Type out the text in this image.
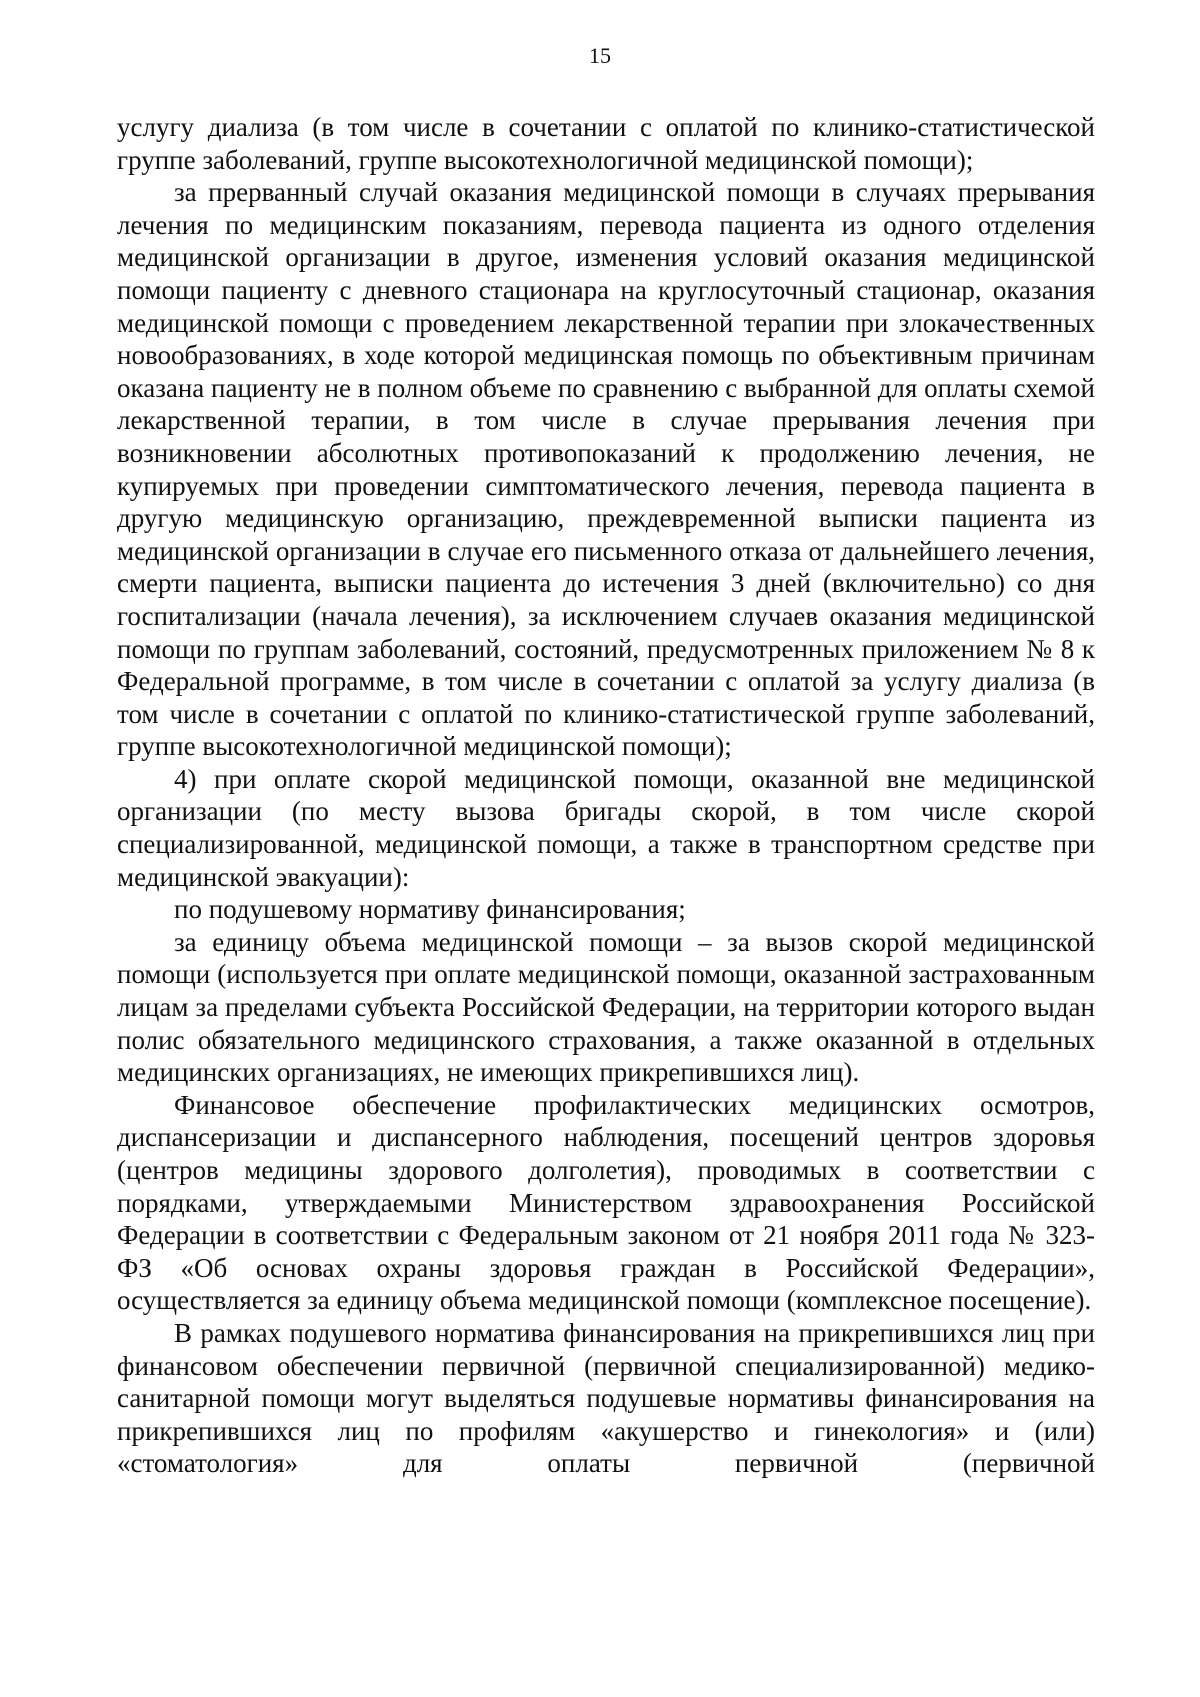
15

услугу диализа (в том числе в сочетании с оплатой по клинико-статистической группе заболеваний, группе высокотехнологичной медицинской помощи);

за прерванный случай оказания медицинской помощи в случаях прерывания лечения по медицинским показаниям, перевода пациента из одного отделения медицинской организации в другое, изменения условий оказания медицинской помощи пациенту с дневного стационара на круглосуточный стационар, оказания медицинской помощи с проведением лекарственной терапии при злокачественных новообразованиях, в ходе которой медицинская помощь по объективным причинам оказана пациенту не в полном объеме по сравнению с выбранной для оплаты схемой лекарственной терапии, в том числе в случае прерывания лечения при возникновении абсолютных противопоказаний к продолжению лечения, не купируемых при проведении симптоматического лечения, перевода пациента в другую медицинскую организацию, преждевременной выписки пациента из медицинской организации в случае его письменного отказа от дальнейшего лечения, смерти пациента, выписки пациента до истечения 3 дней (включительно) со дня госпитализации (начала лечения), за исключением случаев оказания медицинской помощи по группам заболеваний, состояний, предусмотренных приложением № 8 к Федеральной программе, в том числе в сочетании с оплатой за услугу диализа (в том числе в сочетании с оплатой по клинико-статистической группе заболеваний, группе высокотехнологичной медицинской помощи);

4) при оплате скорой медицинской помощи, оказанной вне медицинской организации (по месту вызова бригады скорой, в том числе скорой специализированной, медицинской помощи, а также в транспортном средстве при медицинской эвакуации):

по подушевому нормативу финансирования;

за единицу объема медицинской помощи – за вызов скорой медицинской помощи (используется при оплате медицинской помощи, оказанной застрахованным лицам за пределами субъекта Российской Федерации, на территории которого выдан полис обязательного медицинского страхования, а также оказанной в отдельных медицинских организациях, не имеющих прикрепившихся лиц).

Финансовое обеспечение профилактических медицинских осмотров, диспансеризации и диспансерного наблюдения, посещений центров здоровья (центров медицины здорового долголетия), проводимых в соответствии с порядками, утверждаемыми Министерством здравоохранения Российской Федерации в соответствии с Федеральным законом от 21 ноября 2011 года № 323-ФЗ «Об основах охраны здоровья граждан в Российской Федерации», осуществляется за единицу объема медицинской помощи (комплексное посещение).

В рамках подушевого норматива финансирования на прикрепившихся лиц при финансовом обеспечении первичной (первичной специализированной) медико-санитарной помощи могут выделяться подушевые нормативы финансирования на прикрепившихся лиц по профилям «акушерство и гинекология» и (или) «стоматология» для оплаты первичной (первичной
